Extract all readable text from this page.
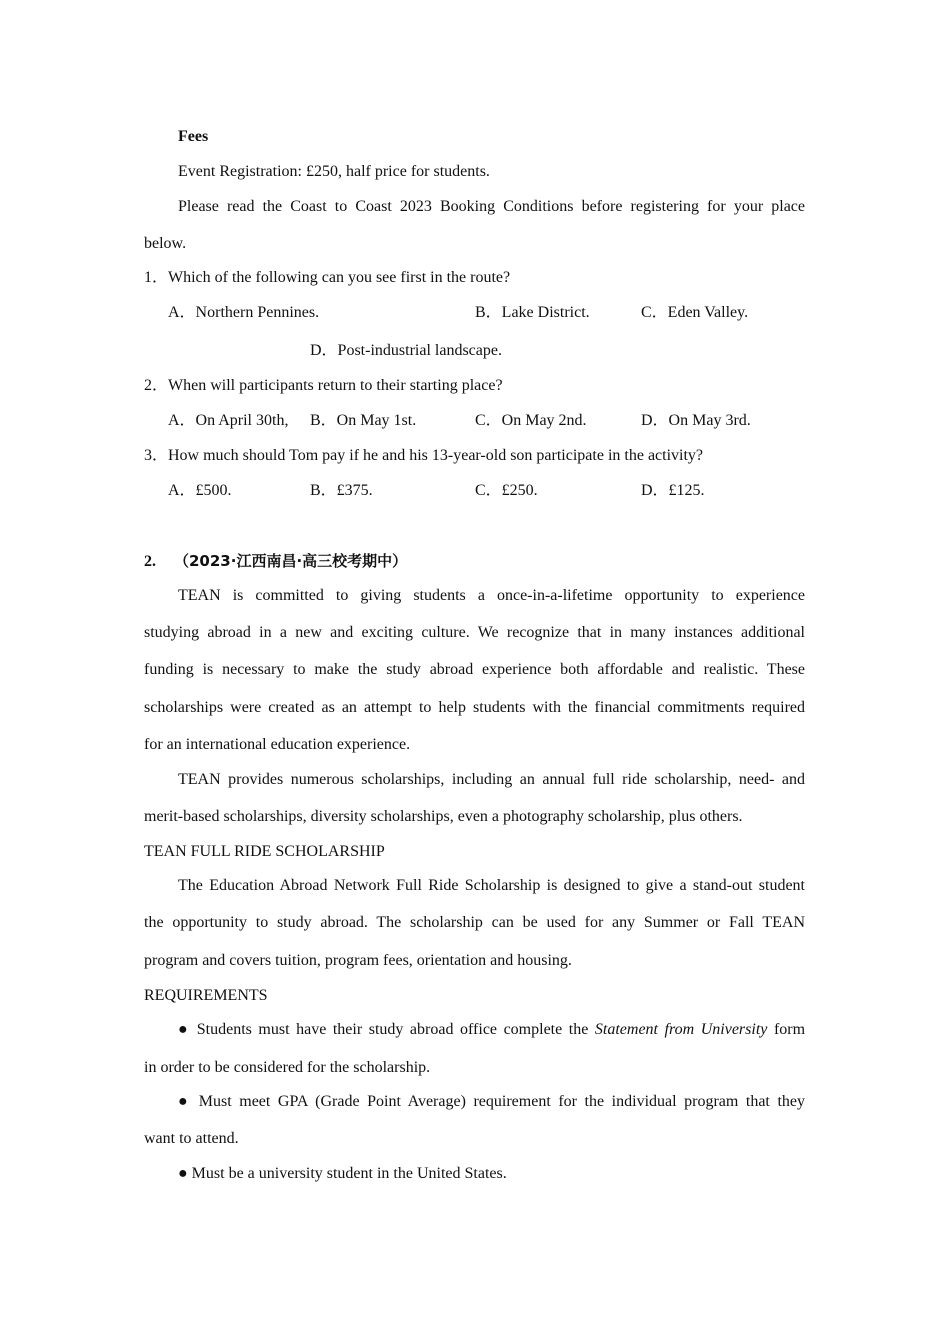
Fees
Event Registration: £250, half price for students.
Please read the Coast to Coast 2023 Booking Conditions before registering for your place
below.
1．Which of the following can you see first in the route?
A．Northern Pennines.	B．Lake District.	C．Eden Valley.
D．Post-industrial landscape.
2．When will participants return to their starting place?
A．On April 30th, B．On May 1st.	C．On May 2nd.	D．On May 3rd.
3．How much should Tom pay if he and his 13-year-old son participate in the activity?
A．£500.	B．£375.	C．£250.	D．£125.
2. （2023·江西南昌·高三校考期中）
TEAN is committed to giving students a once-in-a-lifetime opportunity to experience
studying abroad in a new and exciting culture. We recognize that in many instances additional
funding is necessary to make the study abroad experience both affordable and realistic. These
scholarships were created as an attempt to help students with the financial commitments required
for an international education experience.
TEAN provides numerous scholarships, including an annual full ride scholarship, need- and
merit-based scholarships, diversity scholarships, even a photography scholarship, plus others.
TEAN FULL RIDE SCHOLARSHIP
The Education Abroad Network Full Ride Scholarship is designed to give a stand-out student
the opportunity to study abroad. The scholarship can be used for any Summer or Fall TEAN
program and covers tuition, program fees, orientation and housing.
REQUIREMENTS
● Students must have their study abroad office complete the Statement from University form
in order to be considered for the scholarship.
● Must meet GPA (Grade Point Average) requirement for the individual program that they
want to attend.
● Must be a university student in the United States.
